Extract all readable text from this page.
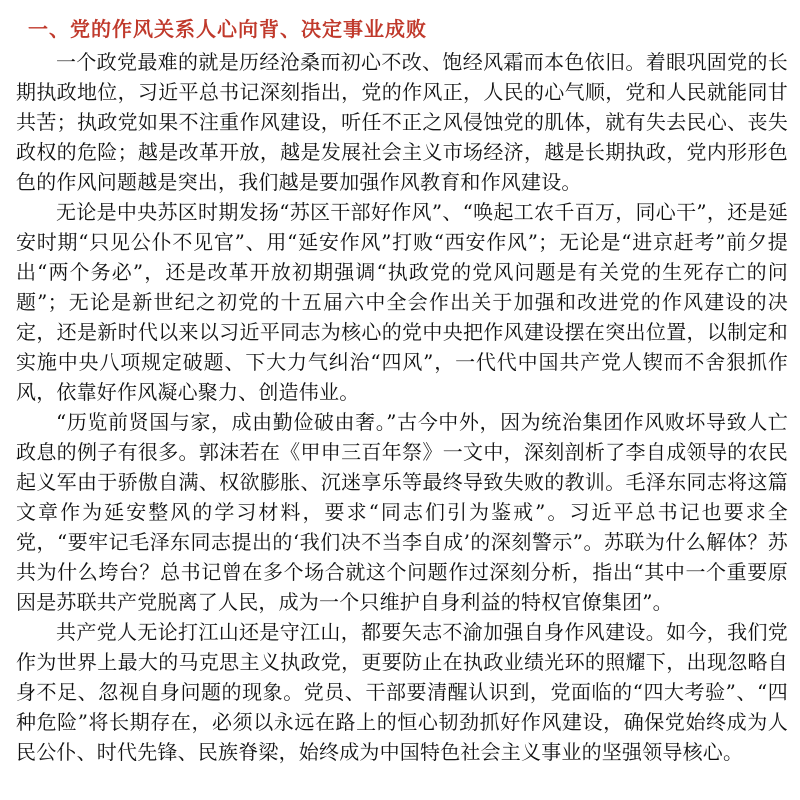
一、党的作风关系人心向背、决定事业成败

一个政党最难的就是历经沧桑而初心不改、饱经风霜而本色依旧。着眼巩固党的长期执政地位，习近平总书记深刻指出，党的作风正，人民的心气顺，党和人民就能同甘共苦；执政党如果不注重作风建设，听任不正之风侵蚀党的肌体，就有失去民心、丧失政权的危险；越是改革开放，越是发展社会主义市场经济，越是长期执政，党内形形色色的作风问题越是突出，我们越是要加强作风教育和作风建设。

无论是中央苏区时期发扬“苏区干部好作风”、“唤起工农千百万，同心干”，还是延安时期“只见公仆不见官”、用“延安作风”打败“西安作风”；无论是“进京赶考”前夕提出“两个务必”，还是改革开放初期强调“执政党的党风问题是有关党的生死存亡的问题”；无论是新世纪之初党的十五届六中全会作出关于加强和改进党的作风建设的决定，还是新时代以来以习近平同志为核心的党中央把作风建设摆在突出位置，以制定和实施中央八项规定破题、下大力气纠治“四风”，一代代中国共产党人锲而不舍狠抓作风，依靠好作风凝心聚力、创造伟业。

“历览前贤国与家，成由勤俭破由奢。”古今中外，因为统治集团作风败坏导致人亡政息的例子有很多。郭沫若在《甲申三百年祭》一文中，深刻剖析了李自成领导的农民起义军由于骄傲自满、权欲膨胀、沉迷享乐等最终导致失败的教训。毛泽东同志将这篇文章作为延安整风的学习材料，要求“同志们引为鉴戒”。习近平总书记也要求全党，“要牢记毛泽东同志提出的‘我们决不当李自成’的深刻警示”。苏联为什么解体？苏共为什么垮台？总书记曾在多个场合就这个问题作过深刻分析，指出“其中一个重要原因是苏联共产党脱离了人民，成为一个只维护自身利益的特权官僚集团”。

共产党人无论打江山还是守江山，都要矢志不渝加强自身作风建设。如今，我们党作为世界上最大的马克思主义执政党，更要防止在执政业绩光环的照耀下，出现忽略自身不足、忽视自身问题的现象。党员、干部要清醒认识到，党面临的“四大考验”、“四种危险”将长期存在，必须以永远在路上的恒心韧劲抓好作风建设，确保党始终成为人民公仆、时代先锋、民族脊梁，始终成为中国特色社会主义事业的坚强领导核心。
